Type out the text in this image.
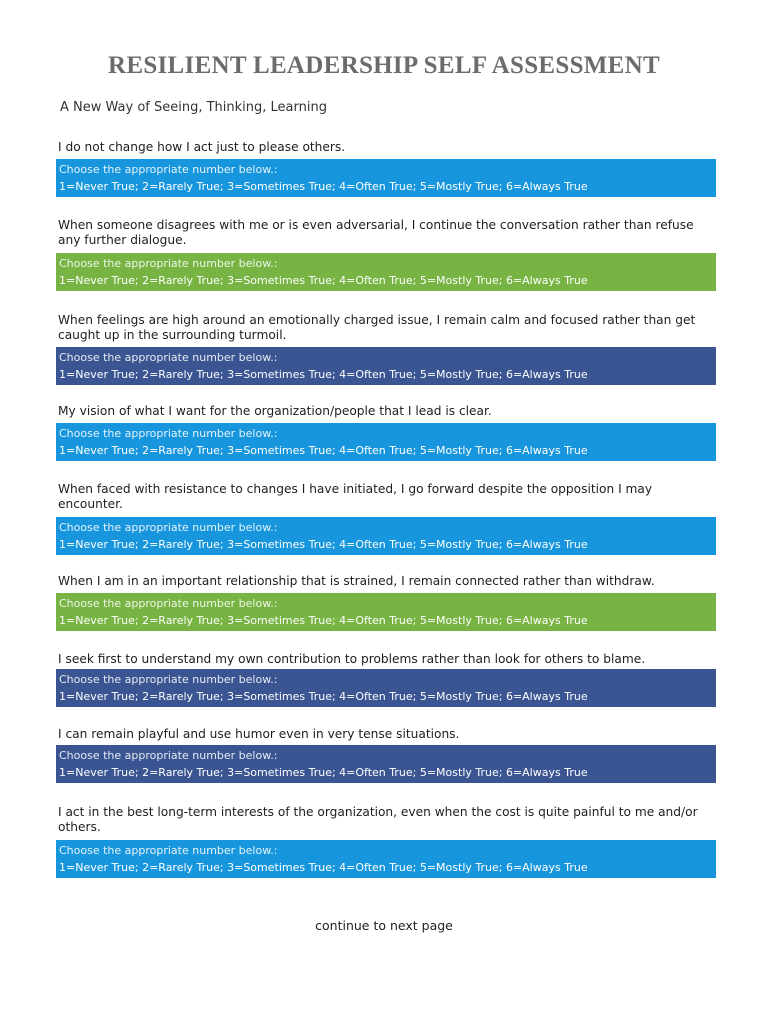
RESILIENT LEADERSHIP SELF ASSESSMENT
A New Way of Seeing, Thinking, Learning
I do not change how I act just to please others.
Choose the appropriate number below.:
1=Never True; 2=Rarely True; 3=Sometimes True; 4=Often True; 5=Mostly True; 6=Always True
When someone disagrees with me or is even adversarial, I continue the conversation rather than refuse any further dialogue.
Choose the appropriate number below.:
1=Never True; 2=Rarely True; 3=Sometimes True; 4=Often True; 5=Mostly True; 6=Always True
When feelings are high around an emotionally charged issue, I remain calm and focused rather than get caught up in the surrounding turmoil.
Choose the appropriate number below.:
1=Never True; 2=Rarely True; 3=Sometimes True; 4=Often True; 5=Mostly True; 6=Always True
My vision of what I want for the organization/people that I lead is clear.
Choose the appropriate number below.:
1=Never True; 2=Rarely True; 3=Sometimes True; 4=Often True; 5=Mostly True; 6=Always True
When faced with resistance to changes I have initiated, I go forward despite the opposition I may encounter.
Choose the appropriate number below.:
1=Never True; 2=Rarely True; 3=Sometimes True; 4=Often True; 5=Mostly True; 6=Always True
When I am in an important relationship that is strained, I remain connected rather than withdraw.
Choose the appropriate number below.:
1=Never True; 2=Rarely True; 3=Sometimes True; 4=Often True; 5=Mostly True; 6=Always True
I seek first to understand my own contribution to problems rather than look for others to blame.
Choose the appropriate number below.:
1=Never True; 2=Rarely True; 3=Sometimes True; 4=Often True; 5=Mostly True; 6=Always True
I can remain playful and use humor even in very tense situations.
Choose the appropriate number below.:
1=Never True; 2=Rarely True; 3=Sometimes True; 4=Often True; 5=Mostly True; 6=Always True
I act in the best long-term interests of the organization, even when the cost is quite painful to me and/or others.
Choose the appropriate number below.:
1=Never True; 2=Rarely True; 3=Sometimes True; 4=Often True; 5=Mostly True; 6=Always True
continue to next page
